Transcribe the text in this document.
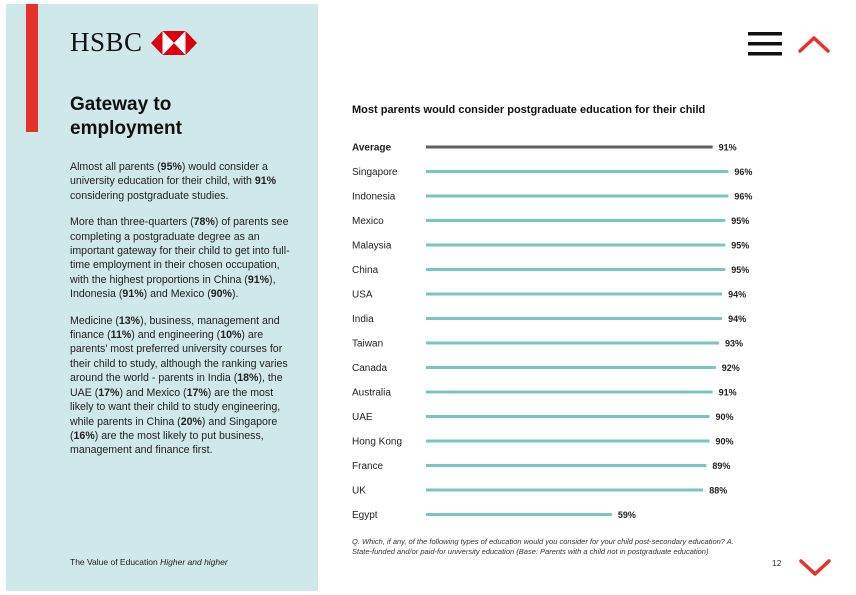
HSBC
Gateway to employment

Almost all parents (95%) would consider a university education for their child, with 91% considering postgraduate studies.

More than three-quarters (78%) of parents see completing a postgraduate degree as an important gateway for their child to get into full-time employment in their chosen occupation, with the highest proportions in China (91%), Indonesia (91%) and Mexico (90%).

Medicine (13%), business, management and finance (11%) and engineering (10%) are parents' most preferred university courses for their child to study, although the ranking varies around the world - parents in India (18%), the UAE (17%) and Mexico (17%) are the most likely to want their child to study engineering, while parents in China (20%) and Singapore (16%) are the most likely to put business, management and finance first.

The Value of Education Higher and higher
Most parents would consider postgraduate education for their child
Average	91%
Singapore	96%
Indonesia	96%
Mexico	95%
Malaysia	95%
China	95%
USA	94%
India	94%
Taiwan	93%
Canada	92%
Australia	91%
UAE	90%
Hong Kong	90%
France	89%
UK	88%
Egypt	59%
Q. Which, if any, of the following types of education would you consider for your child post-secondary education? A. State-funded and/or paid-for university education (Base: Parents with a child not in postgraduate education)
12
